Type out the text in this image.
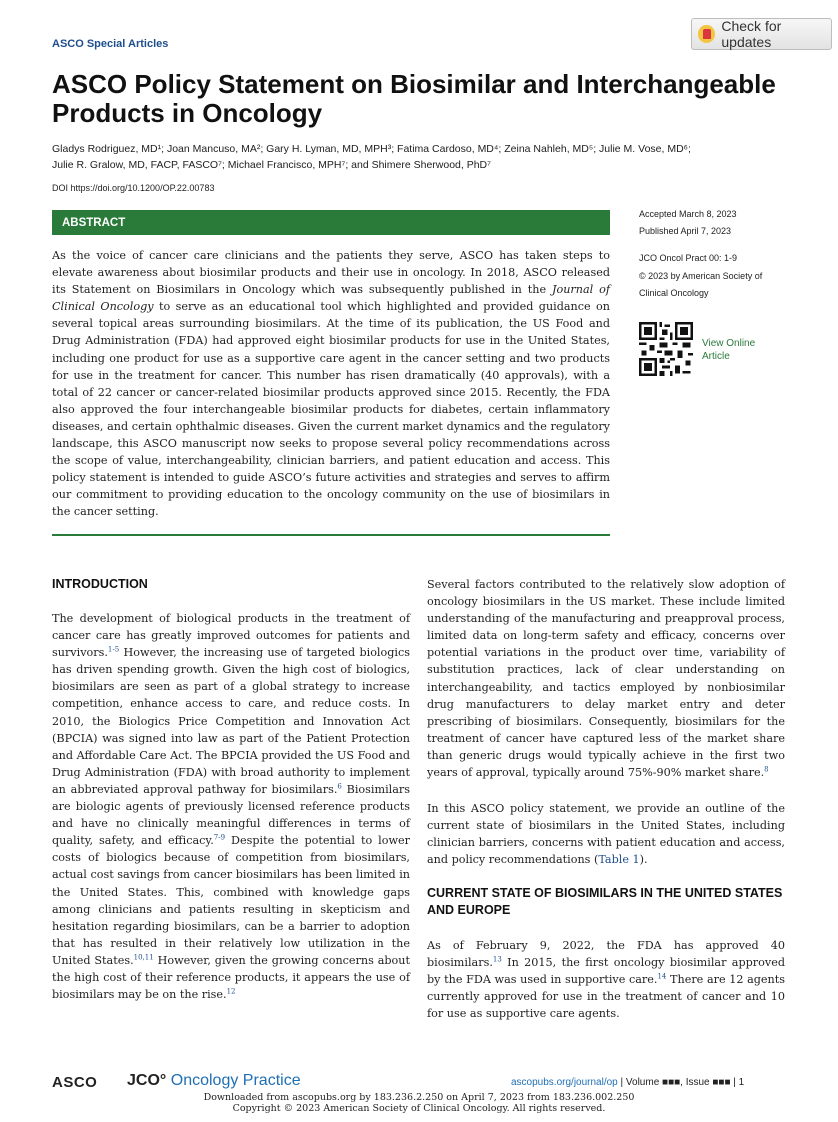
ASCO Special Articles
Check for updates
ASCO Policy Statement on Biosimilar and Interchangeable Products in Oncology
Gladys Rodriguez, MD¹; Joan Mancuso, MA²; Gary H. Lyman, MD, MPH³; Fatima Cardoso, MD⁴; Zeina Nahleh, MD⁵; Julie M. Vose, MD⁶;
Julie R. Gralow, MD, FACP, FASCO⁷; Michael Francisco, MPH⁷; and Shimere Sherwood, PhD⁷
DOI https://doi.org/10.1200/OP.22.00783
ABSTRACT
As the voice of cancer care clinicians and the patients they serve, ASCO has taken steps to elevate awareness about biosimilar products and their use in oncology. In 2018, ASCO released its Statement on Biosimilars in Oncology which was subsequently published in the Journal of Clinical Oncology to serve as an educational tool which highlighted and provided guidance on several topical areas surrounding biosimilars. At the time of its publication, the US Food and Drug Administration (FDA) had approved eight biosimilar products for use in the United States, including one product for use as a supportive care agent in the cancer setting and two products for use in the treatment for cancer. This number has risen dramatically (40 approvals), with a total of 22 cancer or cancer-related biosimilar products approved since 2015. Recently, the FDA also approved the four interchangeable biosimilar products for diabetes, certain inflammatory diseases, and certain ophthalmic diseases. Given the current market dynamics and the regulatory landscape, this ASCO manuscript now seeks to propose several policy recommendations across the scope of value, interchangeability, clinician barriers, and patient education and access. This policy statement is intended to guide ASCO’s future activities and strategies and serves to affirm our commitment to providing education to the oncology community on the use of biosimilars in the cancer setting.
Accepted March 8, 2023
Published April 7, 2023
JCO Oncol Pract 00: 1-9
© 2023 by American Society of
Clinical Oncology
View Online Article
INTRODUCTION
The development of biological products in the treatment of cancer care has greatly improved outcomes for patients and survivors.$^{1-5}$ However, the increasing use of targeted biologics has driven spending growth. Given the high cost of biologics, biosimilars are seen as part of a global strategy to increase competition, enhance access to care, and reduce costs. In 2010, the Biologics Price Competition and Innovation Act (BPCIA) was signed into law as part of the Patient Protection and Affordable Care Act. The BPCIA provided the US Food and Drug Administration (FDA) with broad authority to implement an abbreviated approval pathway for biosimilars.$^6$ Biosimilars are biologic agents of previously licensed reference products and have no clinically meaningful differences in terms of quality, safety, and efficacy.$^{7-9}$ Despite the potential to lower costs of biologics because of competition from biosimilars, actual cost savings from cancer biosimilars has been limited in the United States. This, combined with knowledge gaps among clinicians and patients resulting in skepticism and hesitation regarding biosimilars, can be a barrier to adoption that has resulted in their relatively low utilization in the United States.$^{10,11}$ However, given the growing concerns about the high cost of their reference products, it appears the use of biosimilars may be on the rise.$^{12}$
Several factors contributed to the relatively slow adoption of oncology biosimilars in the US market. These include limited understanding of the manufacturing and preapproval process, limited data on long-term safety and efficacy, concerns over potential variations in the product over time, variability of substitution practices, lack of clear understanding on interchangeability, and tactics employed by nonbiosimilar drug manufacturers to delay market entry and deter prescribing of biosimilars. Consequently, biosimilars for the treatment of cancer have captured less of the market share than generic drugs would typically achieve in the first two years of approval, typically around 75%-90% market share.$^8$
In this ASCO policy statement, we provide an outline of the current state of biosimilars in the United States, including clinician barriers, concerns with patient education and access, and policy recommendations (Table 1).
CURRENT STATE OF BIOSIMILARS IN THE UNITED STATES AND EUROPE
As of February 9, 2022, the FDA has approved 40 biosimilars.$^{13}$ In 2015, the first oncology biosimilar approved by the FDA was used in supportive care.$^{14}$ There are 12 agents currently approved for use in the treatment of cancer and 10 for use as supportive care agents.
ASCO JCO° Oncology Practice	ascopubs.org/journal/op | Volume ■■■, Issue ■■■ | 1
Downloaded from ascopubs.org by 183.236.2.250 on April 7, 2023 from 183.236.002.250
Copyright © 2023 American Society of Clinical Oncology. All rights reserved.
